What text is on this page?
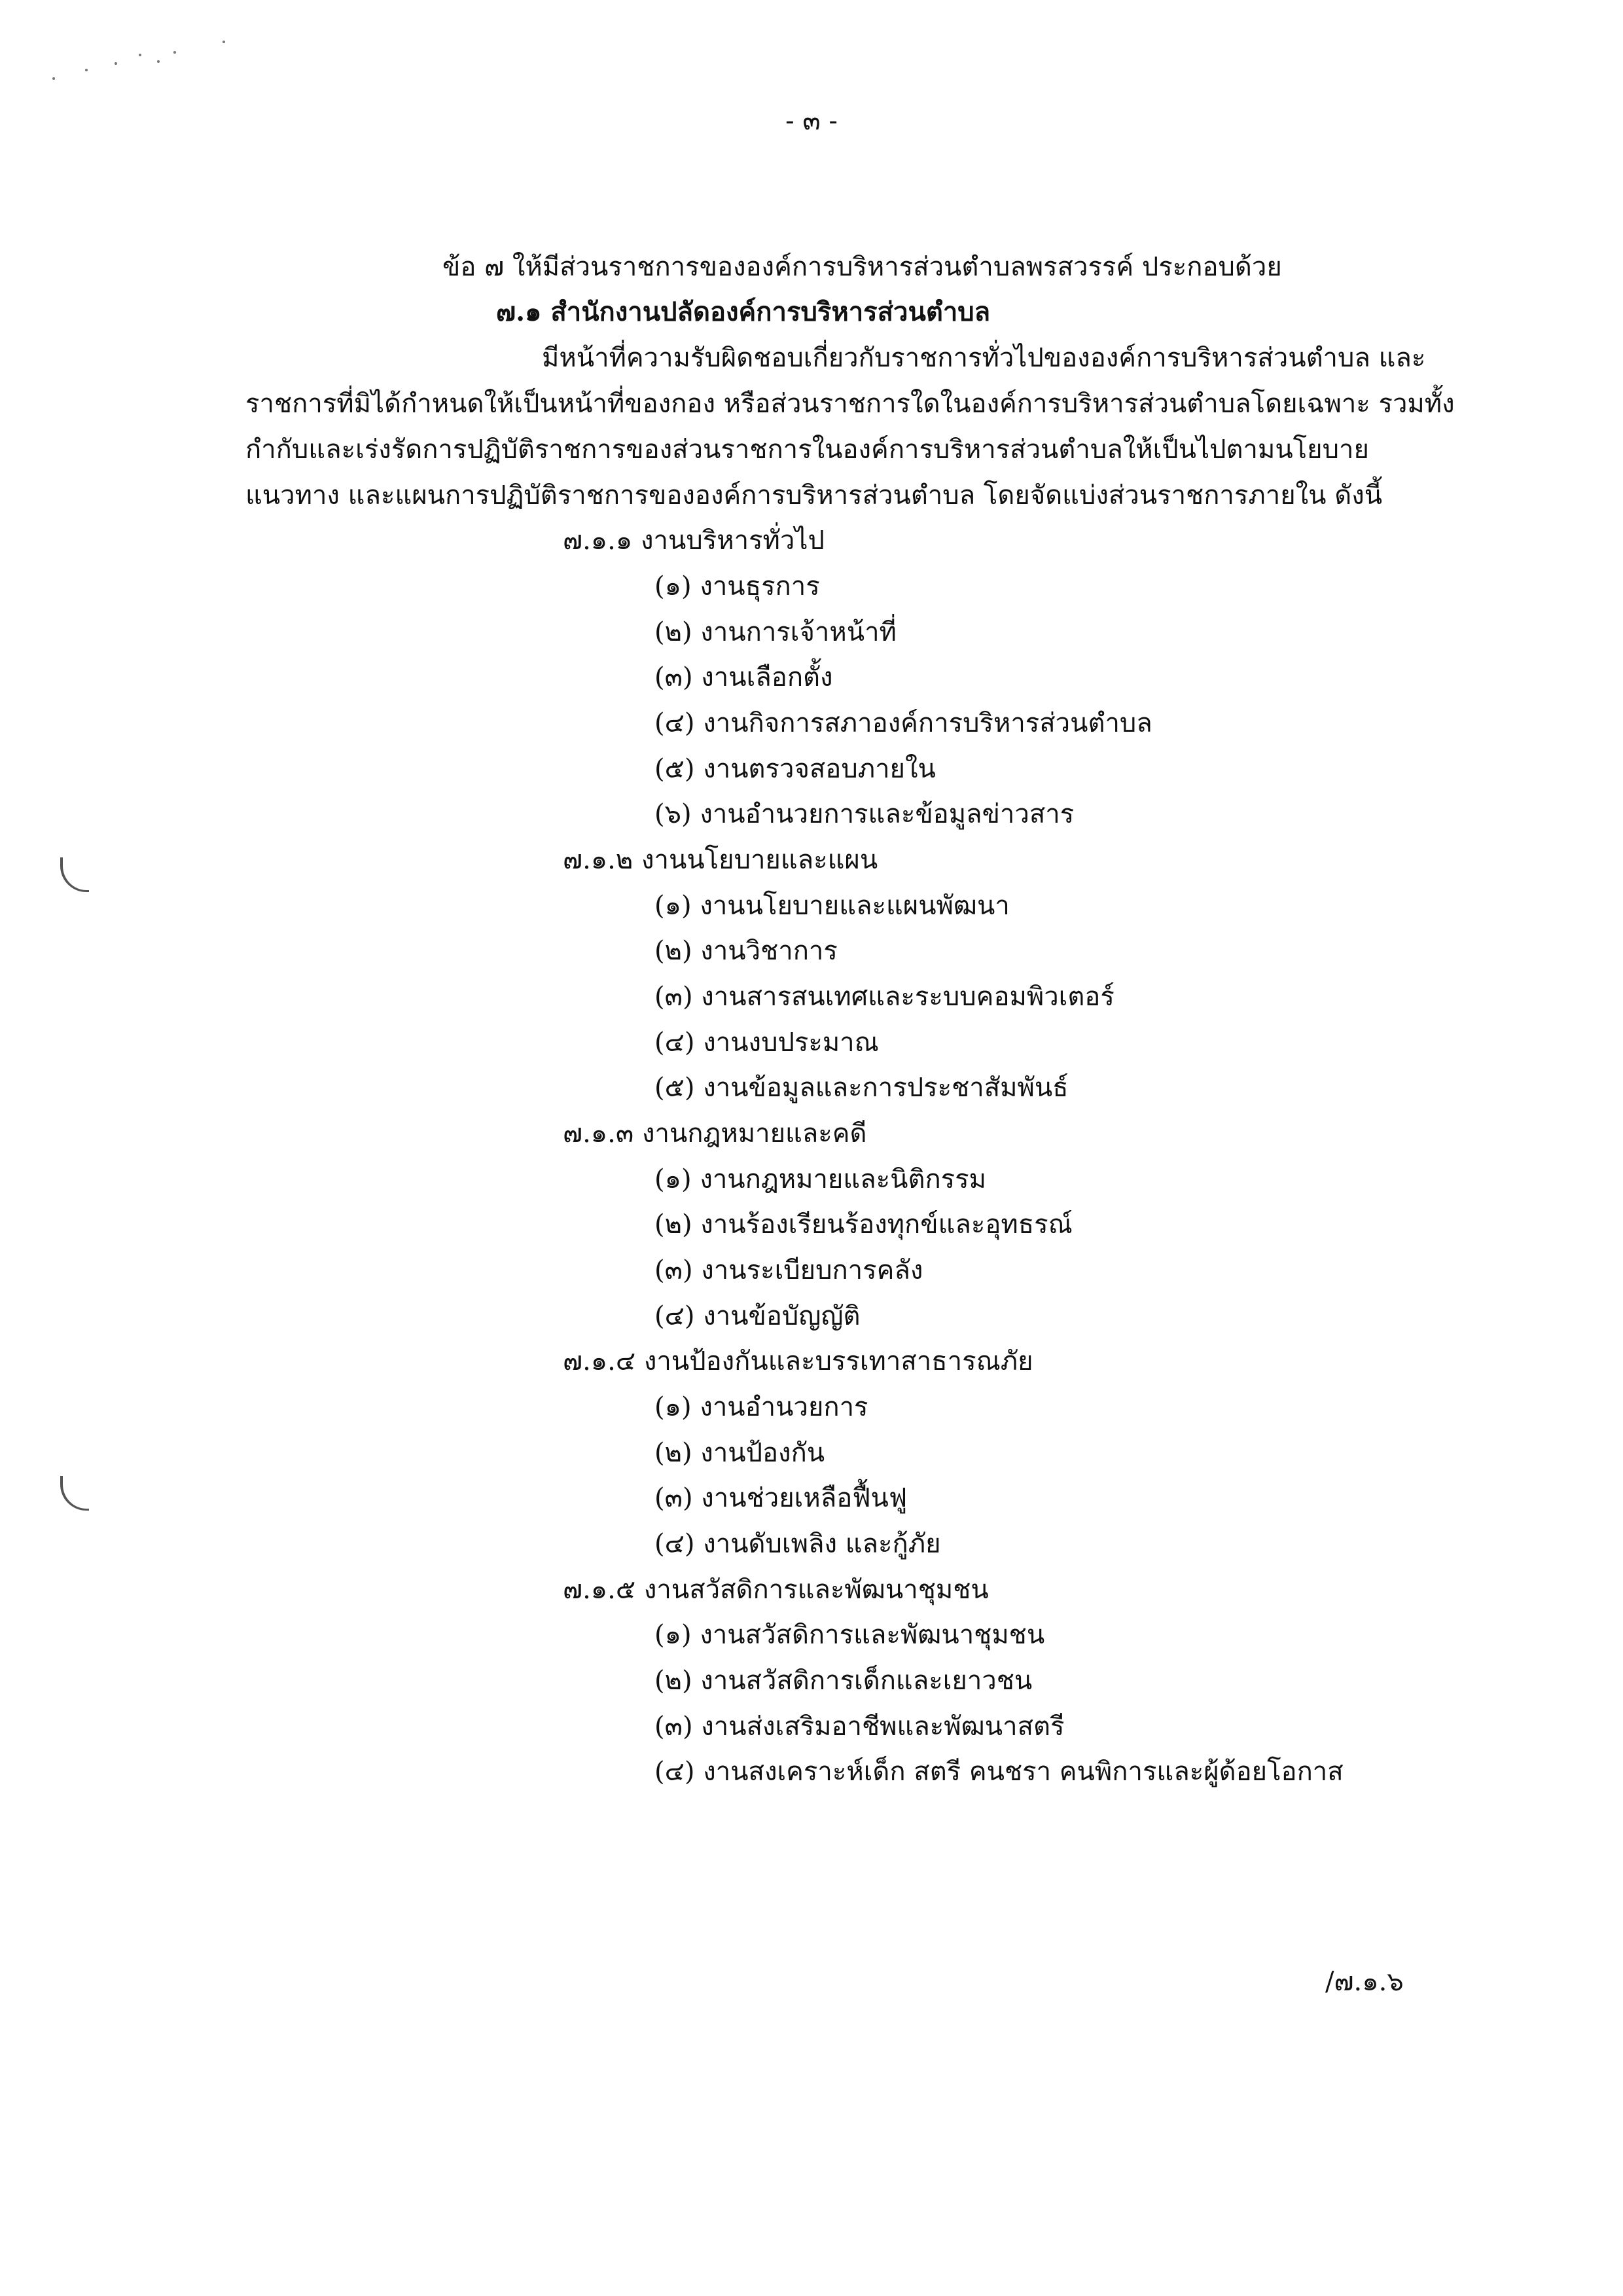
- ๓ -
ข้อ ๗ ให้มีส่วนราชการขององค์การบริหารส่วนตำบลพรสวรรค์ ประกอบด้วย
๗.๑ สำนักงานปลัดองค์การบริหารส่วนตำบล
มีหน้าที่ความรับผิดชอบเกี่ยวกับราชการทั่วไปขององค์การบริหารส่วนตำบล และ
ราชการที่มิได้กำหนดให้เป็นหน้าที่ของกอง หรือส่วนราชการใดในองค์การบริหารส่วนตำบลโดยเฉพาะ รวมทั้ง
กำกับและเร่งรัดการปฏิบัติราชการของส่วนราชการในองค์การบริหารส่วนตำบลให้เป็นไปตามนโยบาย
แนวทาง และแผนการปฏิบัติราชการขององค์การบริหารส่วนตำบล โดยจัดแบ่งส่วนราชการภายใน ดังนี้
๗.๑.๑ งานบริหารทั่วไป
(๑) งานธุรการ
(๒) งานการเจ้าหน้าที่
(๓) งานเลือกตั้ง
(๔) งานกิจการสภาองค์การบริหารส่วนตำบล
(๕) งานตรวจสอบภายใน
(๖) งานอำนวยการและข้อมูลข่าวสาร
๗.๑.๒ งานนโยบายและแผน
(๑) งานนโยบายและแผนพัฒนา
(๒) งานวิชาการ
(๓) งานสารสนเทศและระบบคอมพิวเตอร์
(๔) งานงบประมาณ
(๕) งานข้อมูลและการประชาสัมพันธ์
๗.๑.๓ งานกฎหมายและคดี
(๑) งานกฎหมายและนิติกรรม
(๒) งานร้องเรียนร้องทุกข์และอุทธรณ์
(๓) งานระเบียบการคลัง
(๔) งานข้อบัญญัติ
๗.๑.๔ งานป้องกันและบรรเทาสาธารณภัย
(๑) งานอำนวยการ
(๒) งานป้องกัน
(๓) งานช่วยเหลือฟื้นฟู
(๔) งานดับเพลิง และกู้ภัย
๗.๑.๕ งานสวัสดิการและพัฒนาชุมชน
(๑) งานสวัสดิการและพัฒนาชุมชน
(๒) งานสวัสดิการเด็กและเยาวชน
(๓) งานส่งเสริมอาชีพและพัฒนาสตรี
(๔) งานสงเคราะห์เด็ก สตรี คนชรา คนพิการและผู้ด้อยโอกาส
/๗.๑.๖
